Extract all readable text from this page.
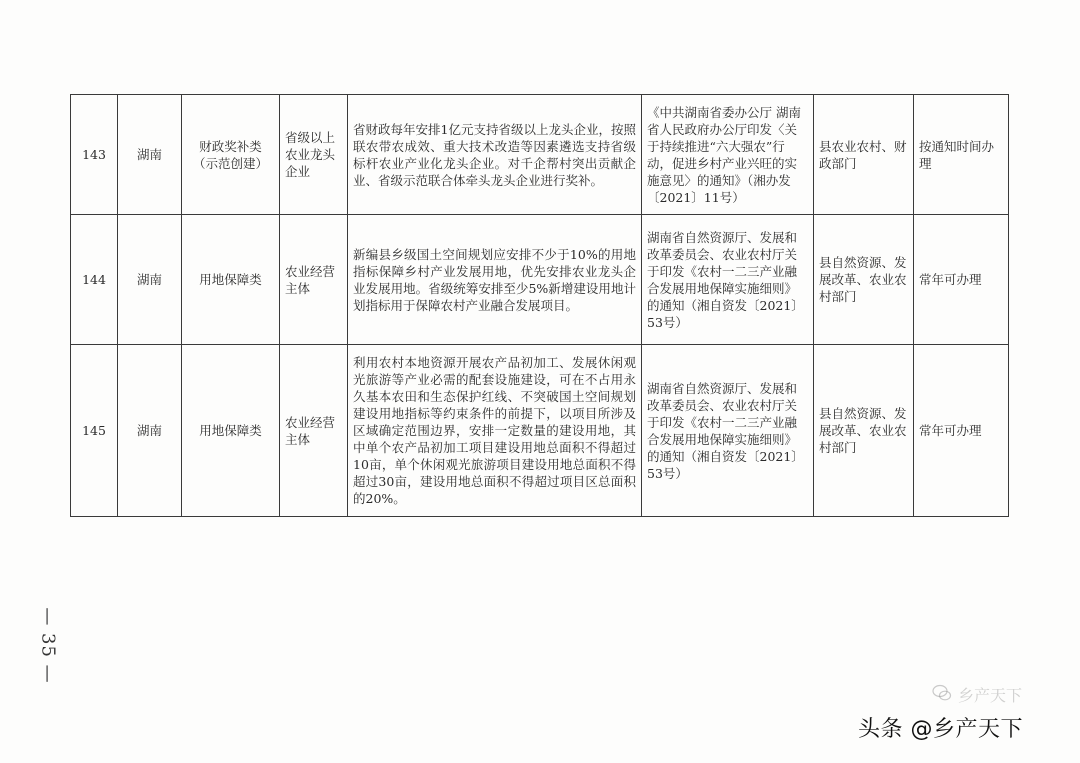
143	湖南	财政奖补类（示范创建）	省级以上农业龙头企业	省财政每年安排1亿元支持省级以上龙头企业，按照联农带农成效、重大技术改造等因素遴选支持省级标杆农业产业化龙头企业。对千企帮村突出贡献企业、省级示范联合体牵头龙头企业进行奖补。	《中共湖南省委办公厅 湖南省人民政府办公厅印发〈关于持续推进“六大强农”行动，促进乡村产业兴旺的实施意见〉的通知》（湘办发〔2021〕11号）	县农业农村、财政部门	按通知时间办理
144	湖南	用地保障类	农业经营主体	新编县乡级国土空间规划应安排不少于10%的用地指标保障乡村产业发展用地，优先安排农业龙头企业发展用地。省级统筹安排至少5%新增建设用地计划指标用于保障农村产业融合发展项目。	湖南省自然资源厅、发展和改革委员会、农业农村厅关于印发《农村一二三产业融合发展用地保障实施细则》的通知（湘自资发〔2021〕53号）	县自然资源、发展改革、农业农村部门	常年可办理
145	湖南	用地保障类	农业经营主体	利用农村本地资源开展农产品初加工、发展休闲观光旅游等产业必需的配套设施建设，可在不占用永久基本农田和生态保护红线、不突破国土空间规划建设用地指标等约束条件的前提下，以项目所涉及区域确定范围边界，安排一定数量的建设用地，其中单个农产品初加工项目建设用地总面积不得超过10亩，单个休闲观光旅游项目建设用地总面积不得超过30亩，建设用地总面积不得超过项目区总面积的20%。	湖南省自然资源厅、发展和改革委员会、农业农村厅关于印发《农村一二三产业融合发展用地保障实施细则》的通知（湘自资发〔2021〕53号）	县自然资源、发展改革、农业农村部门	常年可办理
— 35 —
乡产天下
头条 @乡产天下
